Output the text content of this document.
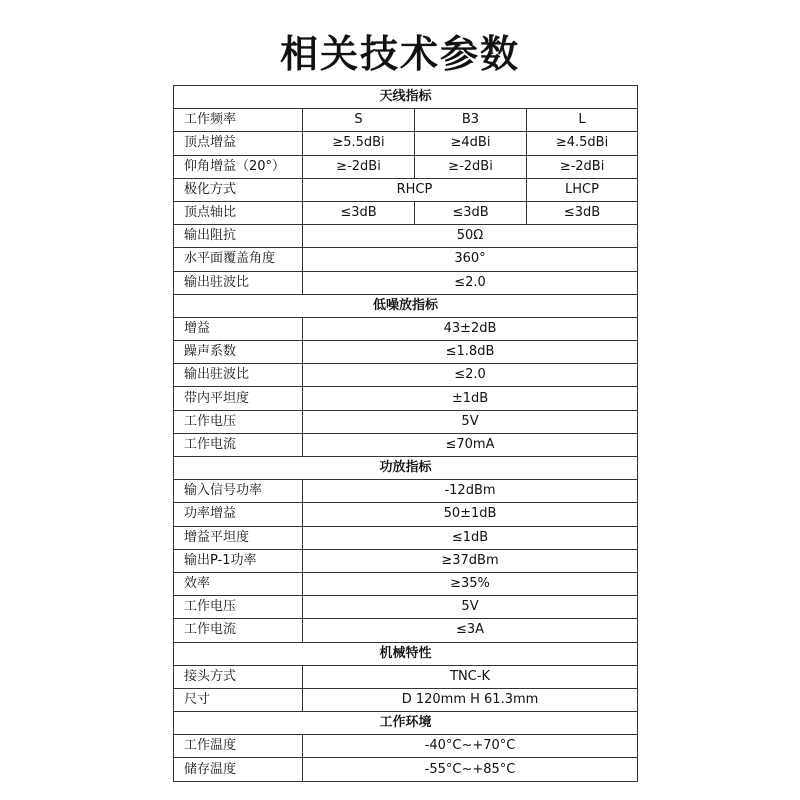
相关技术参数
天线指标			
工作频率	S	B3	L
顶点增益	≥5.5dBi	≥4dBi	≥4.5dBi
仰角增益（20°）	≥-2dBi	≥-2dBi	≥-2dBi
极化方式	RHCP		LHCP
顶点轴比	≤3dB	≤3dB	≤3dB
输出阻抗	50Ω		
水平面覆盖角度	360°		
输出驻波比	≤2.0		
低噪放指标			
增益	43±2dB		
躁声系数	≤1.8dB		
输出驻波比	≤2.0		
带内平坦度	±1dB		
工作电压	5V		
工作电流	≤70mA		
功放指标			
输入信号功率	-12dBm		
功率增益	50±1dB		
增益平坦度	≤1dB		
输出P-1功率	≥37dBm		
效率	≥35%		
工作电压	5V		
工作电流	≤3A		
机械特性			
接头方式	TNC-K		
尺寸	D 120mm H 61.3mm		
工作环境			
工作温度	-40°C~+70°C		
储存温度	-55°C~+85°C		
